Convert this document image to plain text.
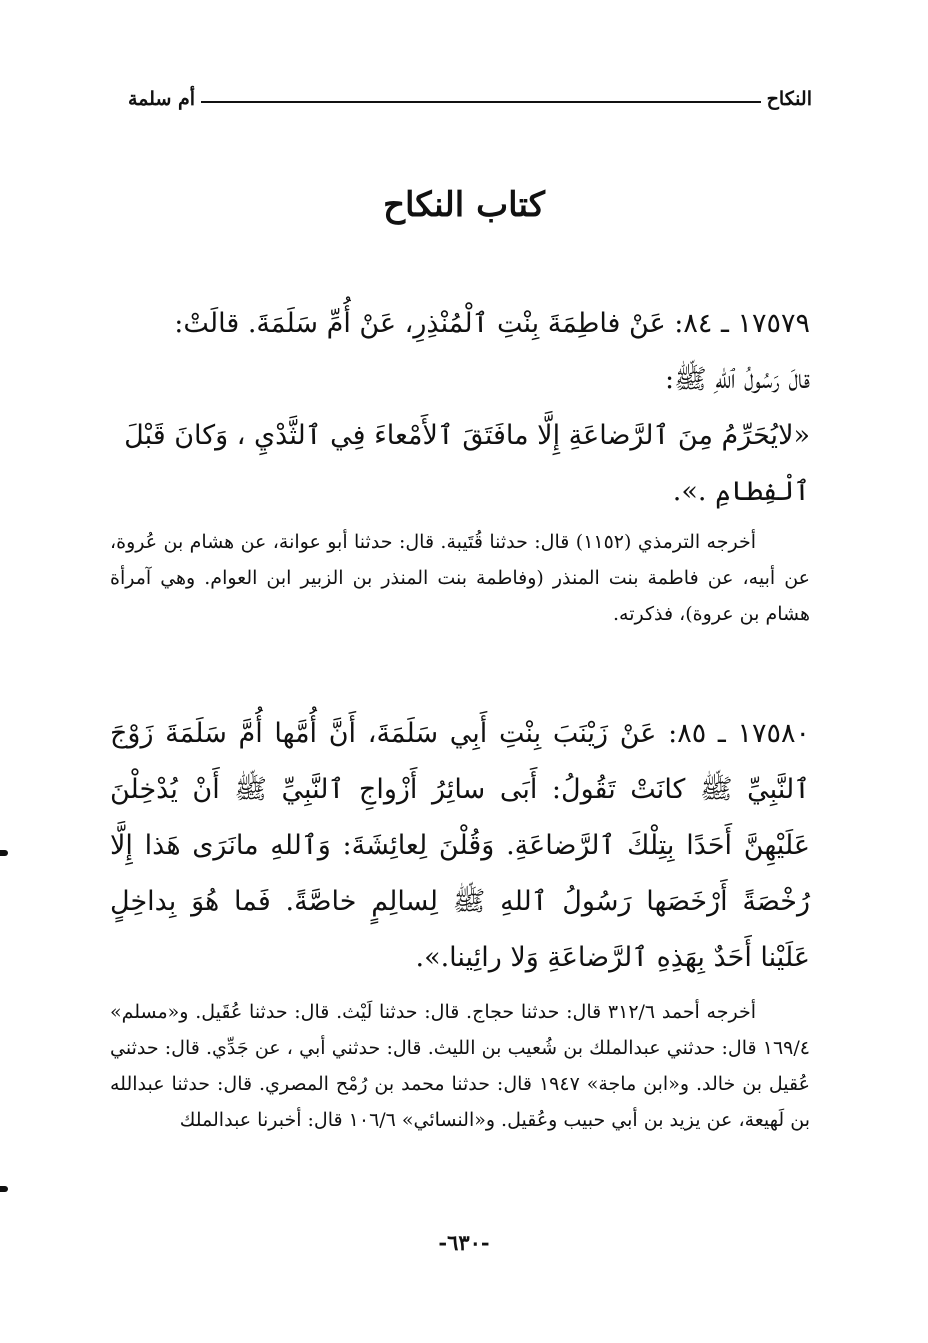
النكاح
أم سلمة
كتاب النكاح

١٧٥٧٩ ـ ٨٤: عَنْ فاطِمَةَ بِنْتِ ٱلْمُنْذِرِ، عَنْ أُمِّ سَلَمَةَ. قالَتْ:

قالَ رَسُولُ ٱللهِ ﷺ:

«لايُحَرِّمُ مِنَ ٱلرَّضاعَةِ إِلَّا مافَتَقَ ٱلأَمْعاءَ فِي ٱلثَّدْيِ ، وَكانَ قَبْلَ

ٱلْفِطامِ .».

أخرجه الترمذي (١١٥٢) قال: حدثنا قُتَيبة. قال: حدثنا أبو عوانة، عن هشام بن عُروة، عن أبيه، عن فاطمة بنت المنذر (وفاطمة بنت المنذر بن الزبير ابن العوام. وهي آمرأة هشام بن عروة)، فذكرته.

١٧٥٨٠ ـ ٨٥: عَنْ زَيْنَبَ بِنْتِ أَبِي سَلَمَةَ، أَنَّ أُمَّها أُمَّ سَلَمَةَ زَوْجَ ٱلنَّبِيِّ ﷺ كانَتْ تَقُولُ: أَبَى سائِرُ أَزْواجِ ٱلنَّبِيِّ ﷺ أَنْ يُدْخِلْنَ عَلَيْهِنَّ أَحَدًا بِتِلْكَ ٱلرَّضاعَةِ. وَقُلْنَ لِعائِشَةَ: وَٱللهِ مانَرَى هَذا إِلَّا رُخْصَةً أَرْخَصَها رَسُولُ ٱللهِ ﷺ لِسالِمٍ خاصَّةً. فَما هُوَ بِداخِلٍ عَلَيْنا أَحَدٌ بِهَذِهِ ٱلرَّضاعَةِ وَلا رائِينا.».

أخرجه أحمد ٣١٢/٦ قال: حدثنا حجاج. قال: حدثنا لَيْث. قال: حدثنا عُقَيل. و«مسلم» ١٦٩/٤ قال: حدثني عبدالملك بن شُعيب بن الليث. قال: حدثني أبي ، عن جَدِّي. قال: حدثني عُقيل بن خالد. و«ابن ماجة» ١٩٤٧ قال: حدثنا محمد بن رُمْح المصري. قال: حدثنا عبدالله بن لَهيعة، عن يزيد بن أبي حبيب وعُقيل. و«النسائي» ١٠٦/٦ قال: أخبرنا عبدالملك

-٦٣٠-
